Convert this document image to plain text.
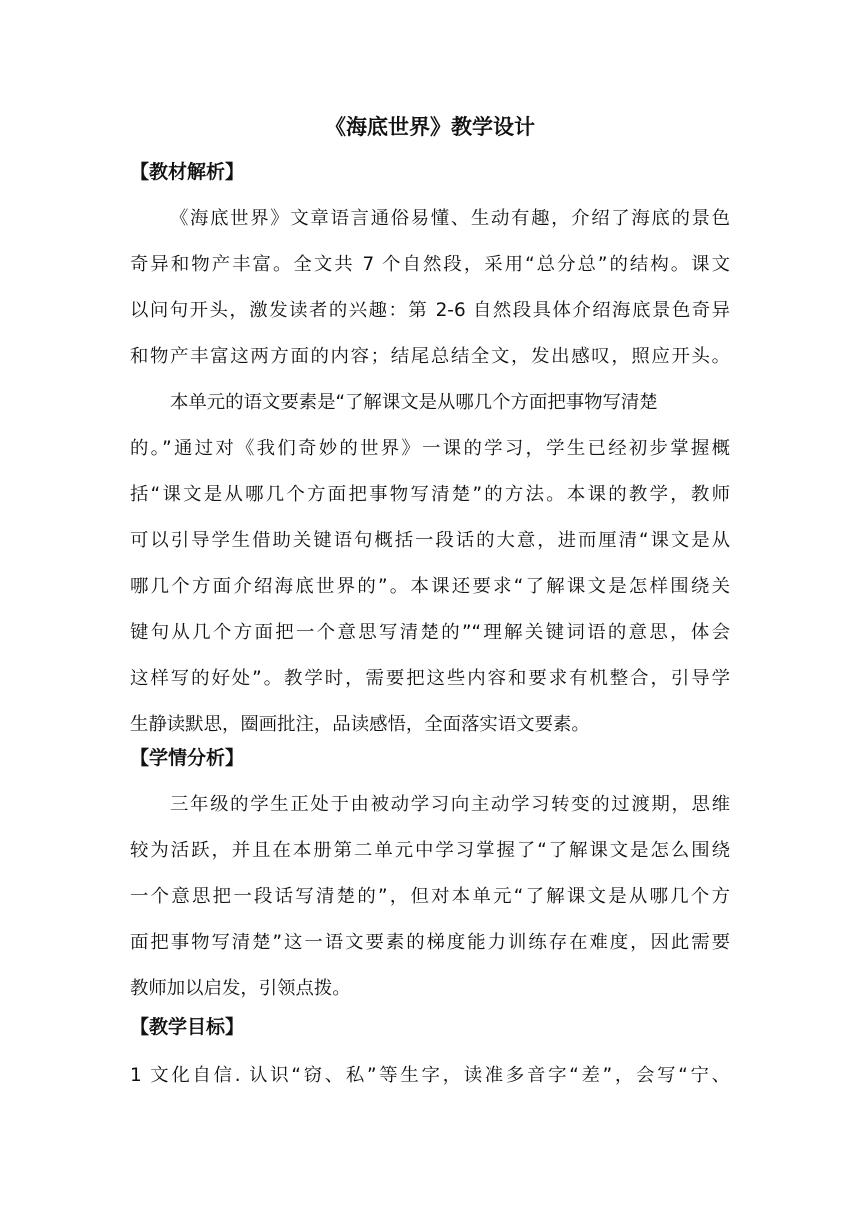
《海底世界》教学设计
【教材解析】
《海底世界》文章语言通俗易懂、生动有趣，介绍了海底的景色
奇异和物产丰富。全文共 7 个自然段，采用“总分总”的结构。课文
以问句开头，激发读者的兴趣：第 2-6 自然段具体介绍海底景色奇异
和物产丰富这两方面的内容；结尾总结全文，发出感叹，照应开头。
本单元的语文要素是“了解课文是从哪几个方面把事物写清楚
的。”通过对《我们奇妙的世界》一课的学习，学生已经初步掌握概
括“课文是从哪几个方面把事物写清楚”的方法。本课的教学，教师
可以引导学生借助关键语句概括一段话的大意，进而厘清“课文是从
哪几个方面介绍海底世界的”。本课还要求“了解课文是怎样围绕关
键句从几个方面把一个意思写清楚的”“理解关键词语的意思，体会
这样写的好处”。教学时，需要把这些内容和要求有机整合，引导学
生静读默思，圈画批注，品读感悟，全面落实语文要素。
【学情分析】
三年级的学生正处于由被动学习向主动学习转变的过渡期，思维
较为活跃，并且在本册第二单元中学习掌握了“了解课文是怎么围绕
一个意思把一段话写清楚的”，但对本单元“了解课文是从哪几个方
面把事物写清楚”这一语文要素的梯度能力训练存在难度，因此需要
教师加以启发，引领点拨。
【教学目标】
1 文化自信. 认识“窃、私”等生字，读准多音字“差”，会写“宁、
